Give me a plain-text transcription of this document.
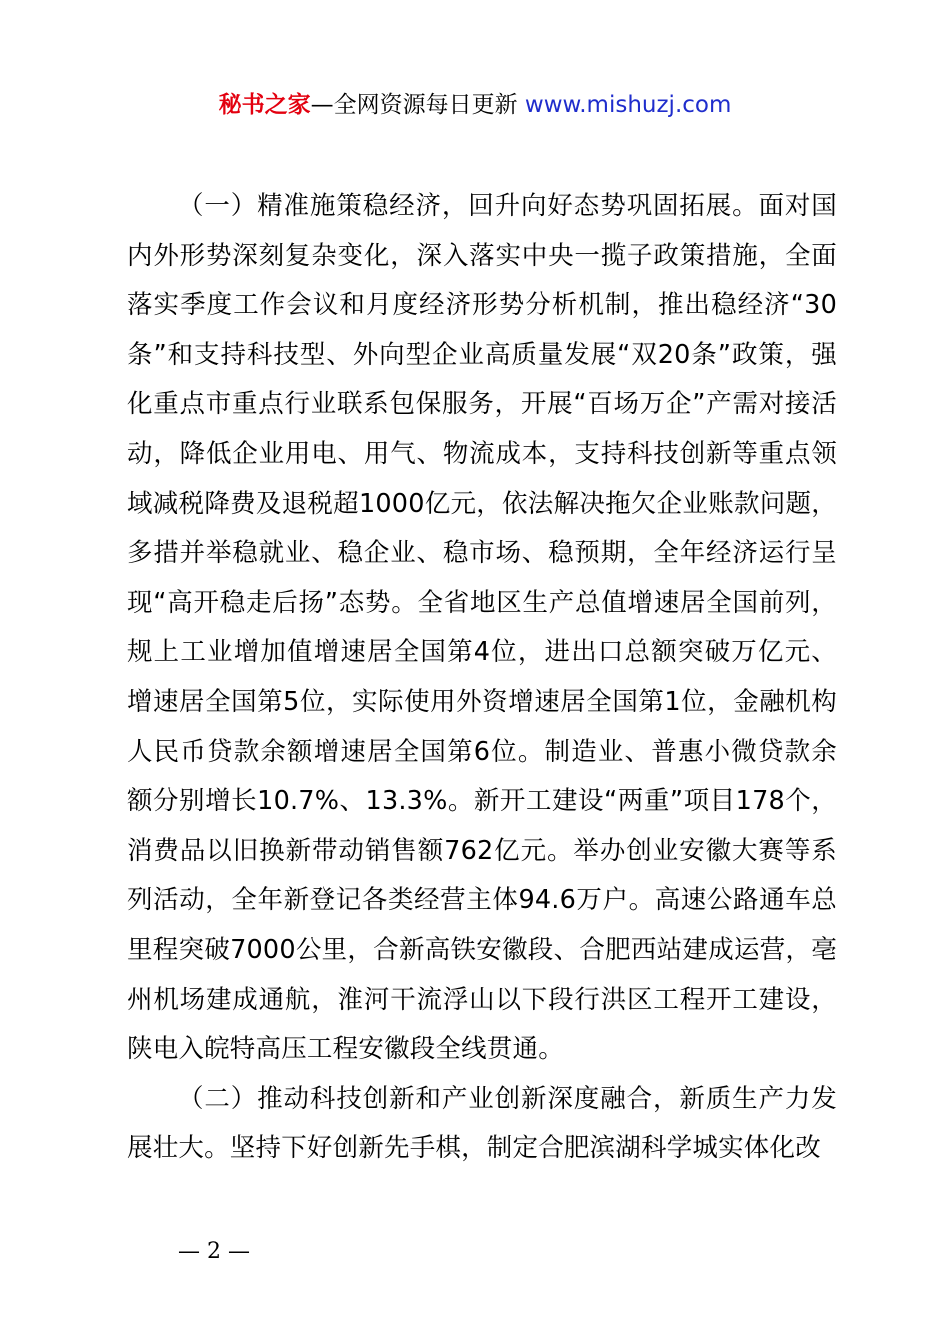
秘书之家—全网资源每日更新 www.mishuzj.com

（一）精准施策稳经济，回升向好态势巩固拓展。面对国内外形势深刻复杂变化，深入落实中央一揽子政策措施，全面落实季度工作会议和月度经济形势分析机制，推出稳经济“30条”和支持科技型、外向型企业高质量发展“双20条”政策，强化重点市重点行业联系包保服务，开展“百场万企”产需对接活动，降低企业用电、用气、物流成本，支持科技创新等重点领域减税降费及退税超1000亿元，依法解决拖欠企业账款问题，多措并举稳就业、稳企业、稳市场、稳预期，全年经济运行呈现“高开稳走后扬”态势。全省地区生产总值增速居全国前列，规上工业增加值增速居全国第4位，进出口总额突破万亿元、增速居全国第5位，实际使用外资增速居全国第1位，金融机构人民币贷款余额增速居全国第6位。制造业、普惠小微贷款余额分别增长10.7%、13.3%。新开工建设“两重”项目178个，消费品以旧换新带动销售额762亿元。举办创业安徽大赛等系列活动，全年新登记各类经营主体94.6万户。高速公路通车总里程突破7000公里，合新高铁安徽段、合肥西站建成运营，亳州机场建成通航，淮河干流浮山以下段行洪区工程开工建设，陕电入皖特高压工程安徽段全线贯通。

（二）推动科技创新和产业创新深度融合，新质生产力发展壮大。坚持下好创新先手棋，制定合肥滨湖科学城实体化改

— 2 —
